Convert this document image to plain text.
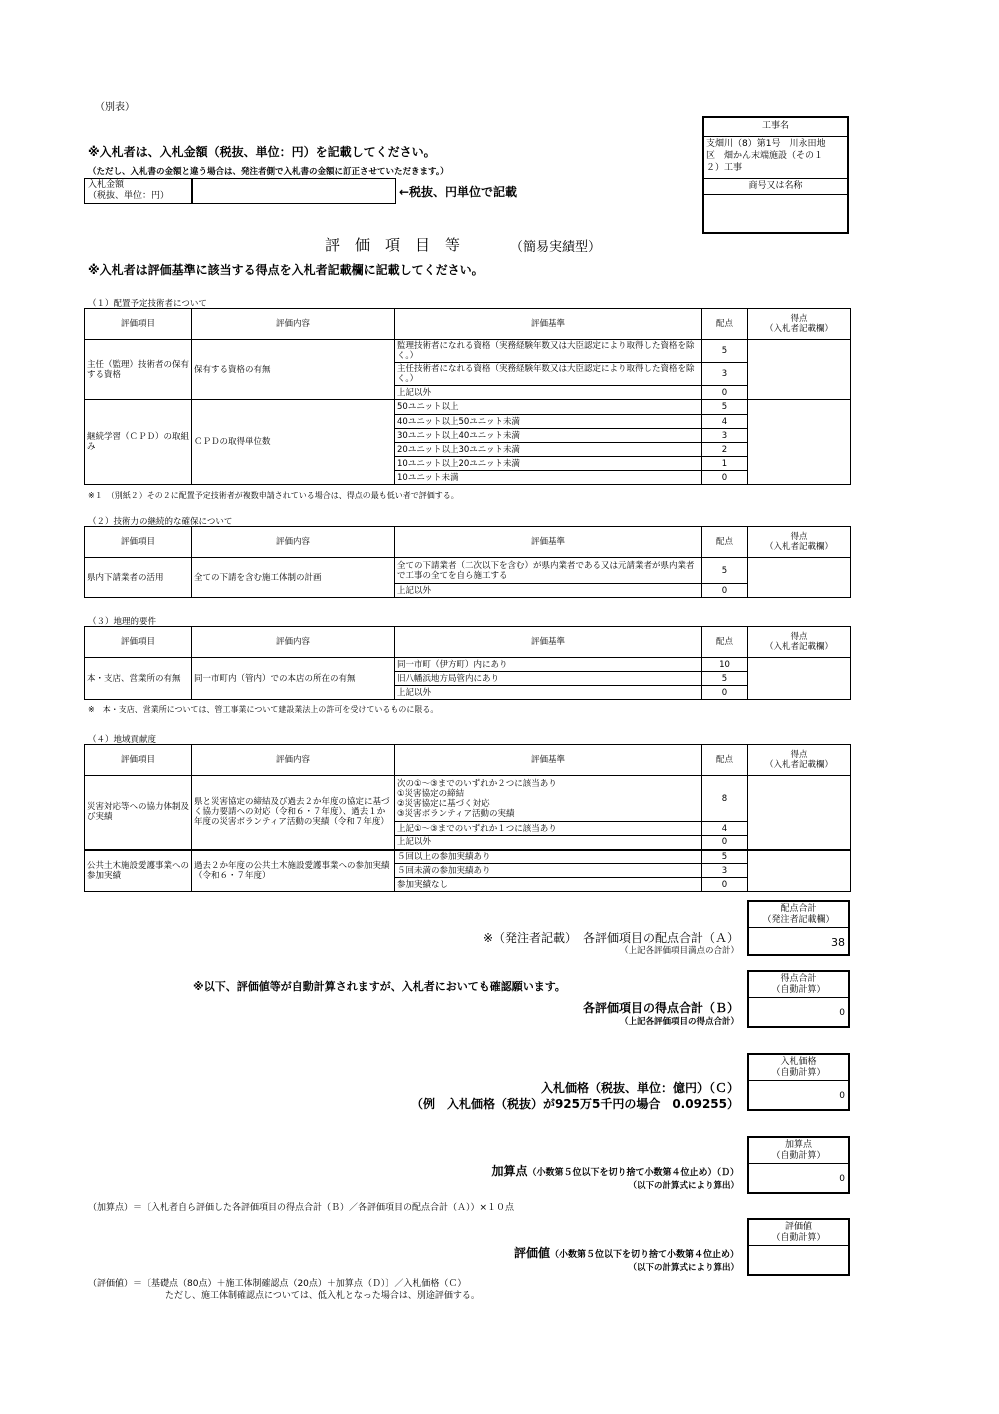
（別表）
※入札者は、入札金額（税抜、単位：円）を記載してください。
（ただし、入札書の金額と違う場合は、発注者側で入札書の金額に訂正させていただきます。）
入札金額
（税抜、単位：円）	←税抜、円単位で記載
工事名
支畑川（8）第1号　川永田地
区　畑かん末端施設（その１
２）工事
商号又は名称
評　価　項　目　等	（簡易実績型）
※入札者は評価基準に該当する得点を入札者記載欄に記載してください。
（１）配置予定技術者について
評価項目	評価内容	評価基準	配点	得点
（入札者記載欄）

主任（監理）技術者の保有する資格	保有する資格の有無	監理技術者になれる資格（実務経験年数又は大臣認定により取得した資格を除く。）	5	
		主任技術者になれる資格（実務経験年数又は大臣認定により取得した資格を除く。）	3	
		上記以外	0	
継続学習（ＣＰＤ）の取組み	ＣＰＤの取得単位数	50ユニット以上	5	
		40ユニット以上50ユニット未満	4	
		30ユニット以上40ユニット未満	3	
		20ユニット以上30ユニット未満	2	
		10ユニット以上20ユニット未満	1	
		10ユニット未満	0	
※１　（別紙２）その２に配置予定技術者が複数申請されている場合は、得点の最も低い者で評価する。
（２）技術力の継続的な確保について
評価項目	評価内容	評価基準	配点	得点
（入札者記載欄）

県内下請業者の活用	全ての下請を含む施工体制の計画	全ての下請業者（二次以下を含む）が県内業者である又は元請業者が県内業者で工事の全てを自ら施工する	5	
		上記以外	0	
（３）地理的要件
評価項目	評価内容	評価基準	配点	得点
（入札者記載欄）

本・支店、営業所の有無	同一市町内（管内）での本店の所在の有無	同一市町（伊方町）内にあり	10	
		旧八幡浜地方局管内にあり	5	
		上記以外	0	
※　本・支店、営業所については、管工事業について建設業法上の許可を受けているものに限る。
（４）地域貢献度
評価項目	評価内容	評価基準	配点	得点
（入札者記載欄）

災害対応等への協力体制及び実績	県と災害協定の締結及び過去２か年度の協定に基づく協力要請への対応（令和６・７年度）、過去１か年度の災害ボランティア活動の実績（令和７年度）	次の①～③までのいずれか２つに該当あり
①災害協定の締結
②災害協定に基づく対応
③災害ボランティア活動の実績	8	
		上記①～③までのいずれか１つに該当あり	4	
		上記以外	0	
公共土木施設愛護事業への参加実績	過去２か年度の公共土木施設愛護事業への参加実績（令和６・７年度）	５回以上の参加実績あり	5	
		５回未満の参加実績あり	3	
		参加実績なし	0	
配点合計
（発注者記載欄）
38
※（発注者記載）　各評価項目の配点合計（Ａ）
（上記各評価項目満点の合計）
※以下、評価値等が自動計算されますが、入札者においても確認願います。
得点合計
（自動計算）
0
各評価項目の得点合計（Ｂ）
（上記各評価項目の得点合計）
入札価格
（自動計算）
0
入札価格（税抜、単位：億円）（Ｃ）
（例　入札価格（税抜）が925万5千円の場合　0.09255）
加算点
（自動計算）
0
加算点（小数第５位以下を切り捨て小数第４位止め）（Ｄ）
（以下の計算式により算出）
（加算点）＝〔入札者自ら評価した各評価項目の得点合計（Ｂ）／各評価項目の配点合計（Ａ））×１０点
評価値
（自動計算）
評価値（小数第５位以下を切り捨て小数第４位止め）
（以下の計算式により算出）
（評価値）＝〔基礎点（80点）＋施工体制確認点（20点）＋加算点（Ｄ）〕／入札価格（Ｃ）
ただし、施工体制確認点については、低入札となった場合は、別途評価する。
